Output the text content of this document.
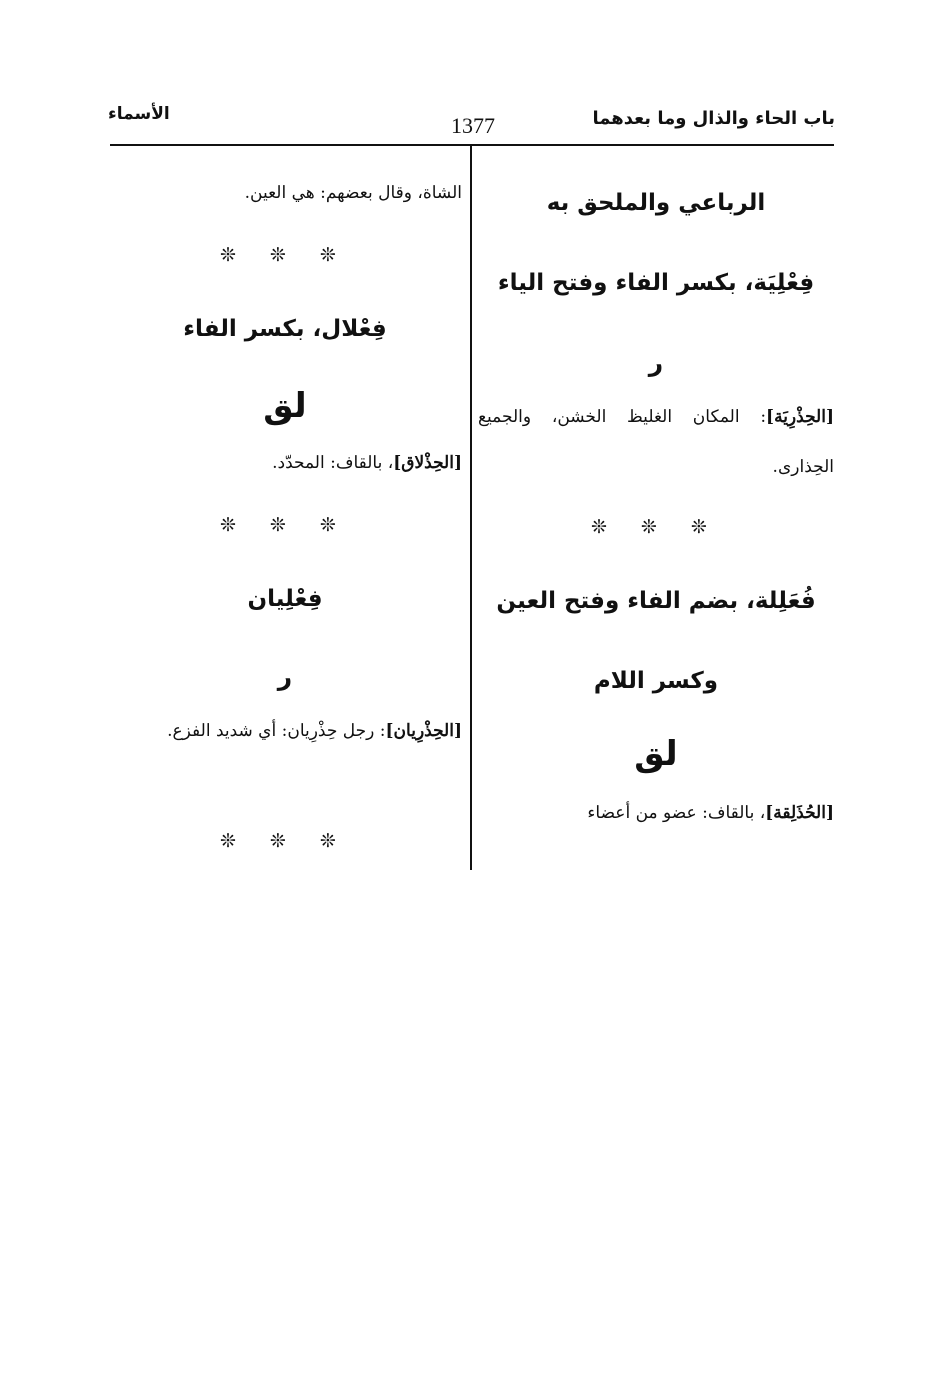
باب الحاء والذال وما بعدهما
1377
الأسماء
الرباعي والملحق به
فِعْلِيَة، بكسر الفاء وفتح الياء
ر
[الحِذْرِيَة]: المكان الغليظ الخشن، والجميع الحِذارى.
❊ ❊ ❊
فُعَلِلة، بضم الفاء وفتح العين
وكسر اللام
لق
[الحُذَلِقة]، بالقاف: عضو من أعضاء
الشاة، وقال بعضهم: هي العين.
❊ ❊ ❊
فِعْلال، بكسر الفاء
لق
[الحِذْلاق]، بالقاف: المحدّد.
❊ ❊ ❊
فِعْلِيان
ر
[الحِذْرِيان]: رجل حِذْرِيان: أي شديد الفزع.
❊ ❊ ❊
